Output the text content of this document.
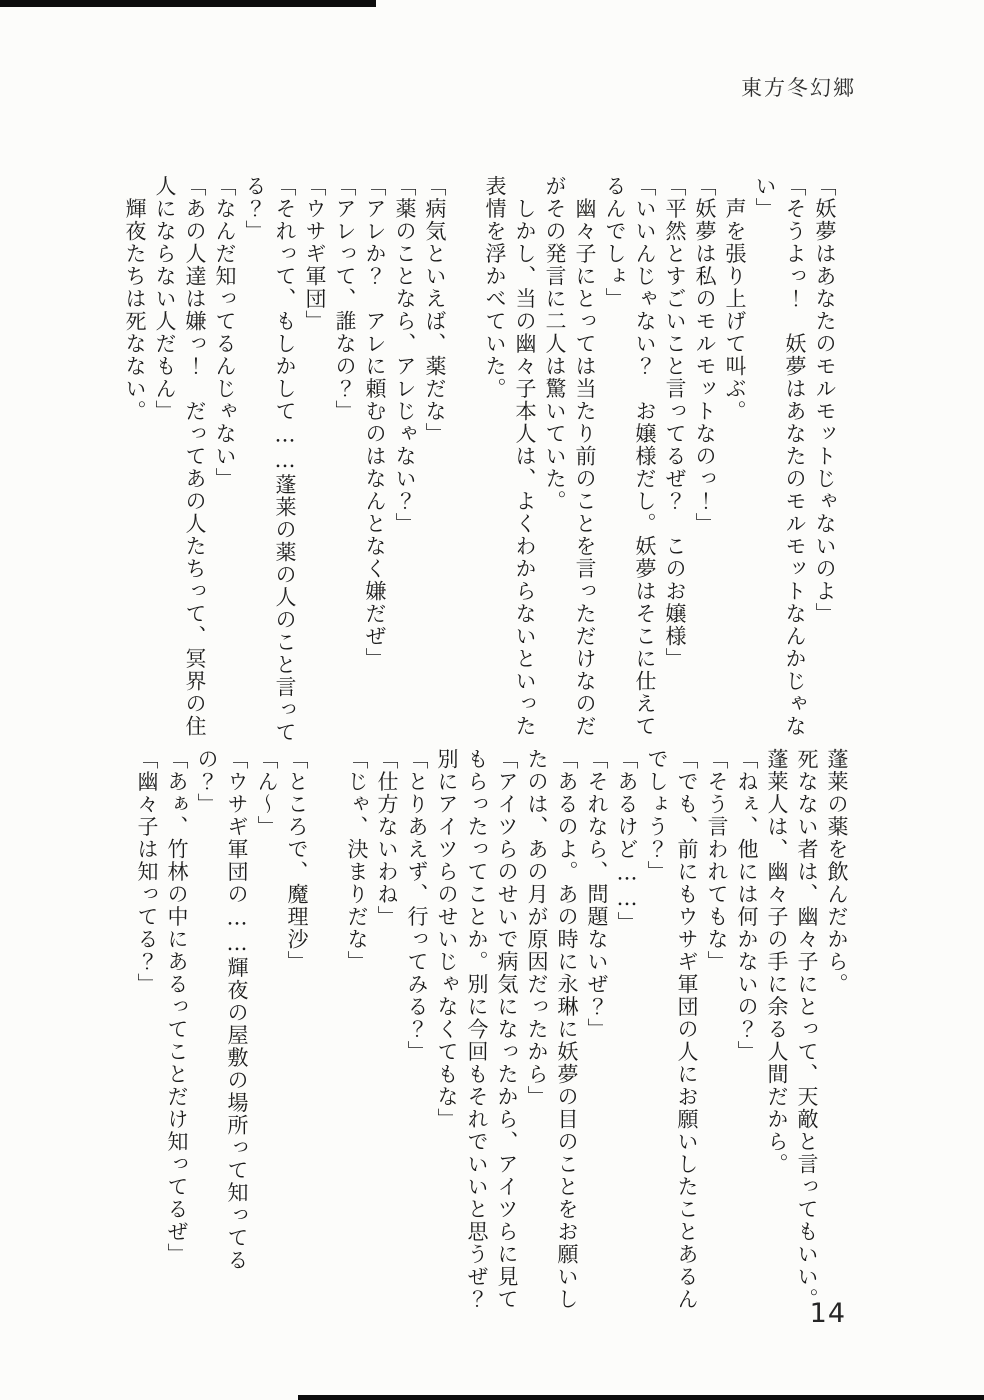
東方冬幻郷

「妖夢はあなたのモルモットじゃないのよ」

「そうよっ！　妖夢はあなたのモルモットなんかじゃな

い」

　声を張り上げて叫ぶ。

「妖夢は私のモルモットなのっ！」

「平然とすごいこと言ってるぜ？　このお嬢様」

「いいんじゃない？　お嬢様だし。妖夢はそこに仕えて

るんでしょ」

　幽々子にとっては当たり前のことを言っただけなのだ

がその発言に二人は驚いていた。

　しかし、当の幽々子本人は、よくわからないといった

表情を浮かべていた。

「病気といえば、薬だな」

「薬のことなら、アレじゃない？」

「アレか？　アレに頼むのはなんとなく嫌だぜ」

「アレって、誰なの？」

「ウサギ軍団」

「それって、もしかして……蓬莱の薬の人のこと言って

る？」

「なんだ知ってるんじゃない」

「あの人達は嫌っ！　だってあの人たちって、冥界の住

人にならない人だもん」

　輝夜たちは死なない。

蓬莱の薬を飲んだから。

死なない者は、幽々子にとって、天敵と言ってもいい。

蓬莱人は、幽々子の手に余る人間だから。

「ねぇ、他には何かないの？」

「そう言われてもな」

「でも、前にもウサギ軍団の人にお願いしたことあるん

でしょう？」

「あるけど……」

「それなら、問題ないぜ？」

「あるのよ。あの時に永琳に妖夢の目のことをお願いし

たのは、あの月が原因だったから」

「アイツらのせいで病気になったから、アイツらに見て

もらったってことか。別に今回もそれでいいと思うぜ？

別にアイツらのせいじゃなくてもな」

「とりあえず、行ってみる？」

「仕方ないわね」

「じゃ、決まりだな」

「ところで、魔理沙」

「ん〜」

「ウサギ軍団の……輝夜の屋敷の場所って知ってる

の？」

「あぁ、竹林の中にあるってことだけ知ってるぜ」

「幽々子は知ってる？」

14
